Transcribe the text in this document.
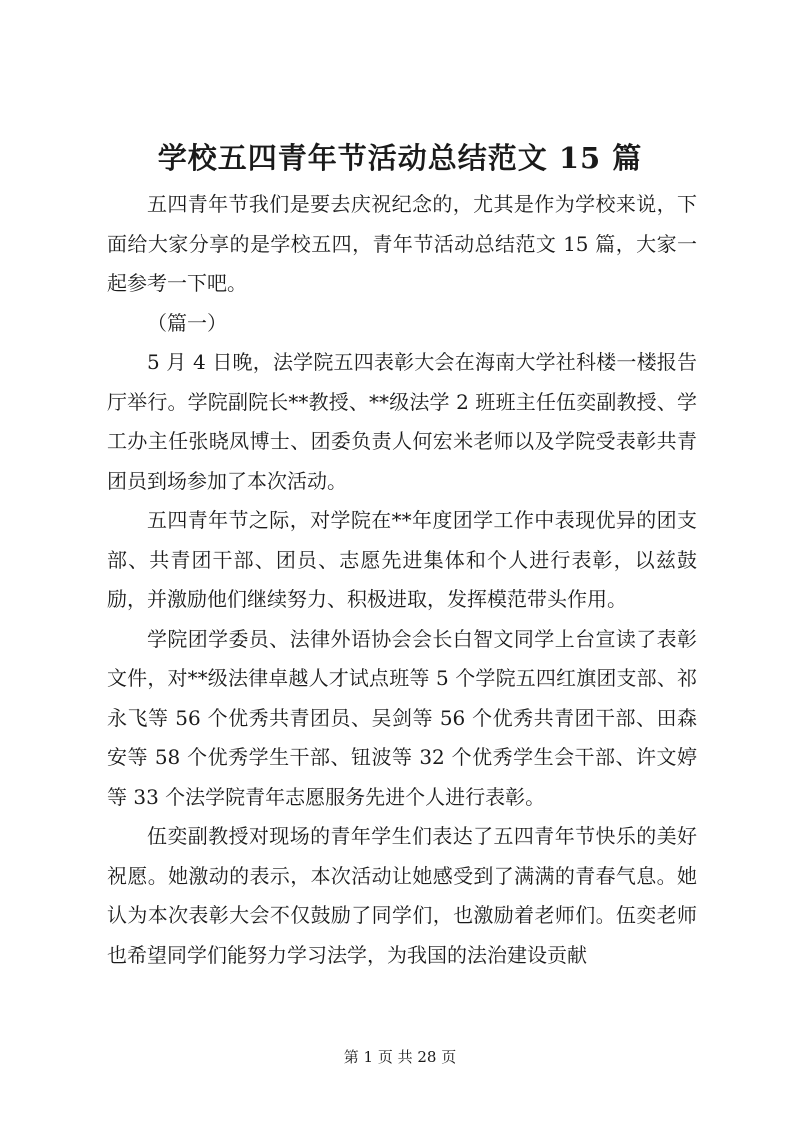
学校五四青年节活动总结范文 15 篇

五四青年节我们是要去庆祝纪念的，尤其是作为学校来说，下面给大家分享的是学校五四，青年节活动总结范文 15 篇，大家一起参考一下吧。

（篇一）

5 月 4 日晚，法学院五四表彰大会在海南大学社科楼一楼报告厅举行。学院副院长**教授、**级法学 2 班班主任伍奕副教授、学工办主任张晓凤博士、团委负责人何宏米老师以及学院受表彰共青团员到场参加了本次活动。

五四青年节之际，对学院在**年度团学工作中表现优异的团支部、共青团干部、团员、志愿先进集体和个人进行表彰，以兹鼓励，并激励他们继续努力、积极进取，发挥模范带头作用。

学院团学委员、法律外语协会会长白智文同学上台宣读了表彰文件，对**级法律卓越人才试点班等 5 个学院五四红旗团支部、祁永飞等 56 个优秀共青团员、吴剑等 56 个优秀共青团干部、田森安等 58 个优秀学生干部、钮波等 32 个优秀学生会干部、许文婷等 33 个法学院青年志愿服务先进个人进行表彰。

伍奕副教授对现场的青年学生们表达了五四青年节快乐的美好祝愿。她激动的表示，本次活动让她感受到了满满的青春气息。她认为本次表彰大会不仅鼓励了同学们，也激励着老师们。伍奕老师也希望同学们能努力学习法学，为我国的法治建设贡献

第 1 页 共 28 页
